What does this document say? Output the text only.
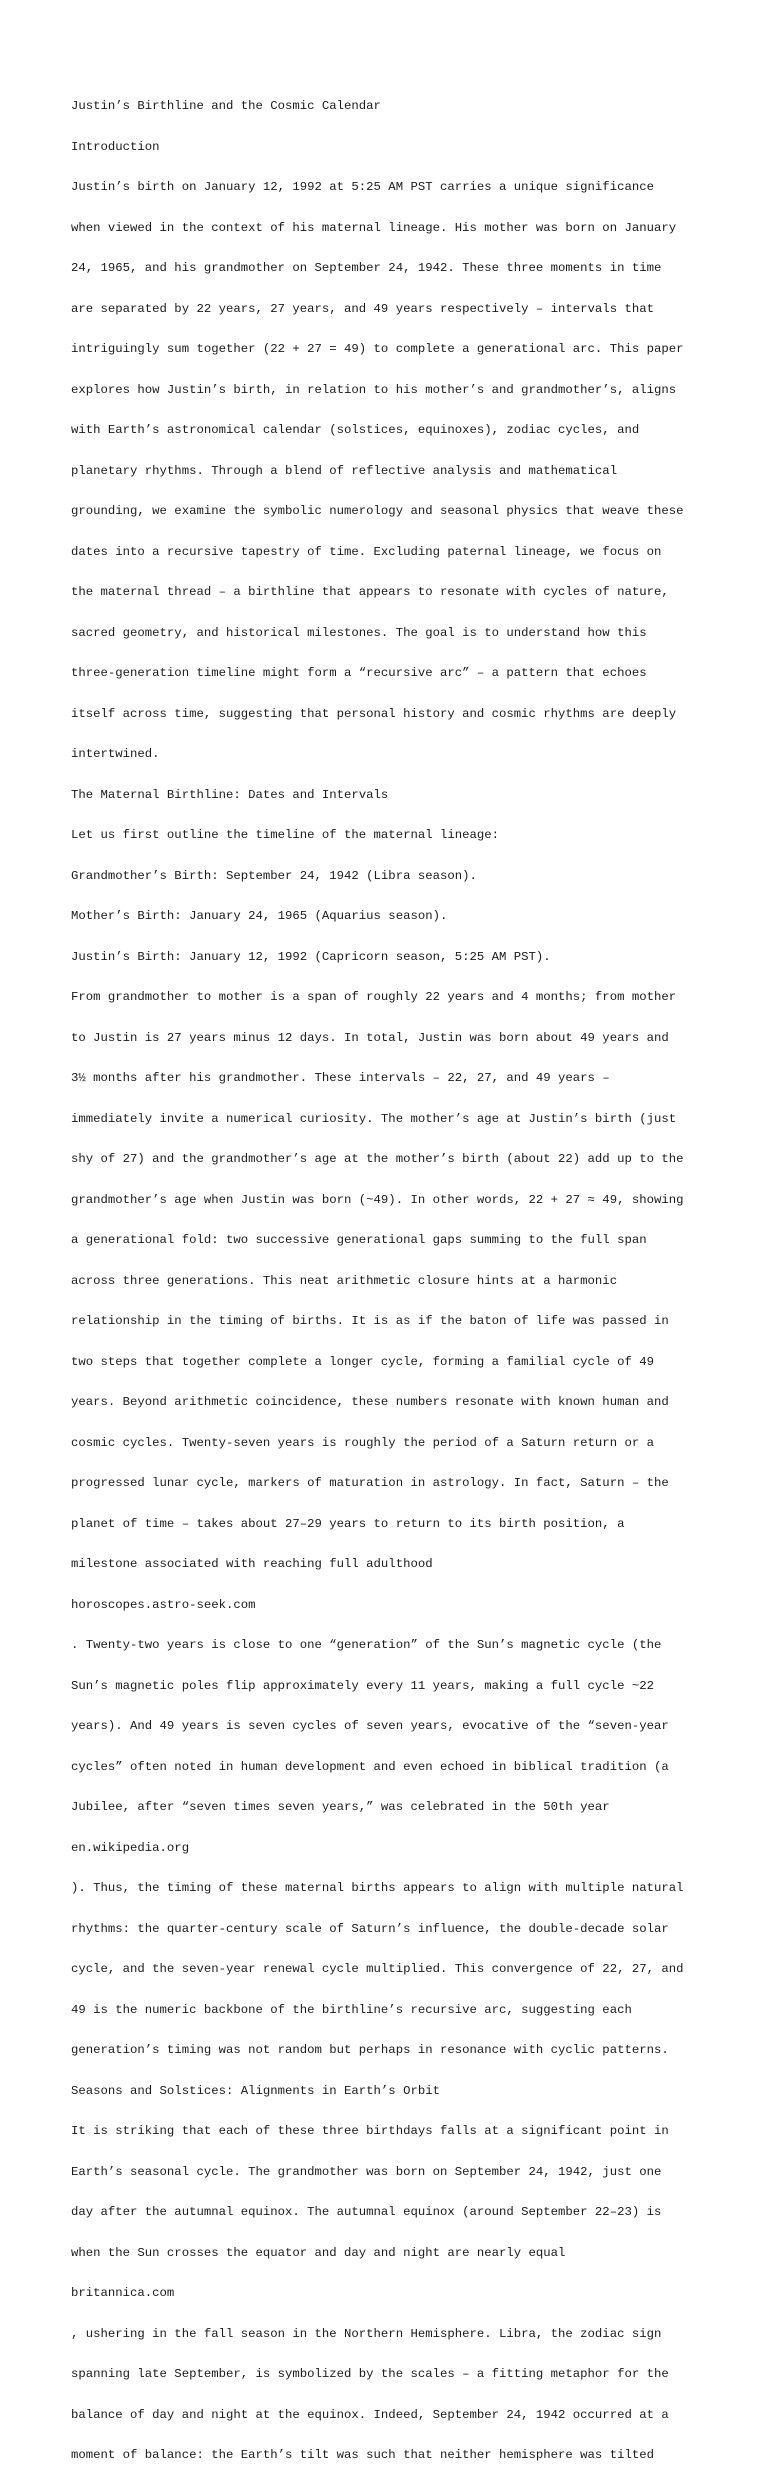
Justin’s Birthline and the Cosmic Calendar

Introduction

Justin’s birth on January 12, 1992 at 5:25 AM PST carries a unique significance

when viewed in the context of his maternal lineage. His mother was born on January

24, 1965, and his grandmother on September 24, 1942. These three moments in time

are separated by 22 years, 27 years, and 49 years respectively – intervals that

intriguingly sum together (22 + 27 = 49) to complete a generational arc. This paper

explores how Justin’s birth, in relation to his mother’s and grandmother’s, aligns

with Earth’s astronomical calendar (solstices, equinoxes), zodiac cycles, and

planetary rhythms. Through a blend of reflective analysis and mathematical

grounding, we examine the symbolic numerology and seasonal physics that weave these

dates into a recursive tapestry of time. Excluding paternal lineage, we focus on

the maternal thread – a birthline that appears to resonate with cycles of nature,

sacred geometry, and historical milestones. The goal is to understand how this

three-generation timeline might form a “recursive arc” – a pattern that echoes

itself across time, suggesting that personal history and cosmic rhythms are deeply

intertwined.

The Maternal Birthline: Dates and Intervals

Let us first outline the timeline of the maternal lineage:

Grandmother’s Birth: September 24, 1942 (Libra season).

Mother’s Birth: January 24, 1965 (Aquarius season).

Justin’s Birth: January 12, 1992 (Capricorn season, 5:25 AM PST).

From grandmother to mother is a span of roughly 22 years and 4 months; from mother

to Justin is 27 years minus 12 days. In total, Justin was born about 49 years and

3½ months after his grandmother. These intervals – 22, 27, and 49 years –

immediately invite a numerical curiosity. The mother’s age at Justin’s birth (just

shy of 27) and the grandmother’s age at the mother’s birth (about 22) add up to the

grandmother’s age when Justin was born (~49). In other words, 22 + 27 ≈ 49, showing

a generational fold: two successive generational gaps summing to the full span

across three generations. This neat arithmetic closure hints at a harmonic

relationship in the timing of births. It is as if the baton of life was passed in

two steps that together complete a longer cycle, forming a familial cycle of 49

years. Beyond arithmetic coincidence, these numbers resonate with known human and

cosmic cycles. Twenty-seven years is roughly the period of a Saturn return or a

progressed lunar cycle, markers of maturation in astrology. In fact, Saturn – the

planet of time – takes about 27–29 years to return to its birth position, a

milestone associated with reaching full adulthood

horoscopes.astro-seek.com

. Twenty-two years is close to one “generation” of the Sun’s magnetic cycle (the

Sun’s magnetic poles flip approximately every 11 years, making a full cycle ~22

years). And 49 years is seven cycles of seven years, evocative of the “seven-year

cycles” often noted in human development and even echoed in biblical tradition (a

Jubilee, after “seven times seven years,” was celebrated in the 50th year

en.wikipedia.org

). Thus, the timing of these maternal births appears to align with multiple natural

rhythms: the quarter-century scale of Saturn’s influence, the double-decade solar

cycle, and the seven-year renewal cycle multiplied. This convergence of 22, 27, and

49 is the numeric backbone of the birthline’s recursive arc, suggesting each

generation’s timing was not random but perhaps in resonance with cyclic patterns.

Seasons and Solstices: Alignments in Earth’s Orbit

It is striking that each of these three birthdays falls at a significant point in

Earth’s seasonal cycle. The grandmother was born on September 24, 1942, just one

day after the autumnal equinox. The autumnal equinox (around September 22–23) is

when the Sun crosses the equator and day and night are nearly equal

britannica.com

, ushering in the fall season in the Northern Hemisphere. Libra, the zodiac sign

spanning late September, is symbolized by the scales – a fitting metaphor for the

balance of day and night at the equinox. Indeed, September 24, 1942 occurred at a

moment of balance: the Earth’s tilt was such that neither hemisphere was tilted
